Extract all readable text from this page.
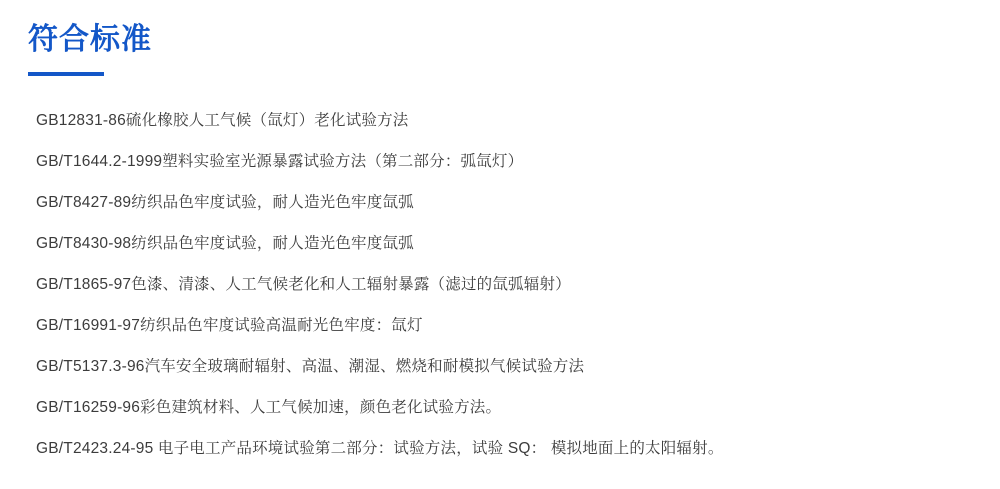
符合标准
GB12831-86硫化橡胶人工气候（氙灯）老化试验方法
GB/T1644.2-1999塑料实验室光源暴露试验方法（第二部分：弧氙灯）
GB/T8427-89纺织品色牢度试验，耐人造光色牢度氙弧
GB/T8430-98纺织品色牢度试验，耐人造光色牢度氙弧
GB/T1865-97色漆、清漆、人工气候老化和人工辐射暴露（滤过的氙弧辐射）
GB/T16991-97纺织品色牢度试验高温耐光色牢度：氙灯
GB/T5137.3-96汽车安全玻璃耐辐射、高温、潮湿、燃烧和耐模拟气候试验方法
GB/T16259-96彩色建筑材料、人工气候加速，颜色老化试验方法。
GB/T2423.24-95 电子电工产品环境试验第二部分：试验方法，试验 SQ： 模拟地面上的太阳辐射。
